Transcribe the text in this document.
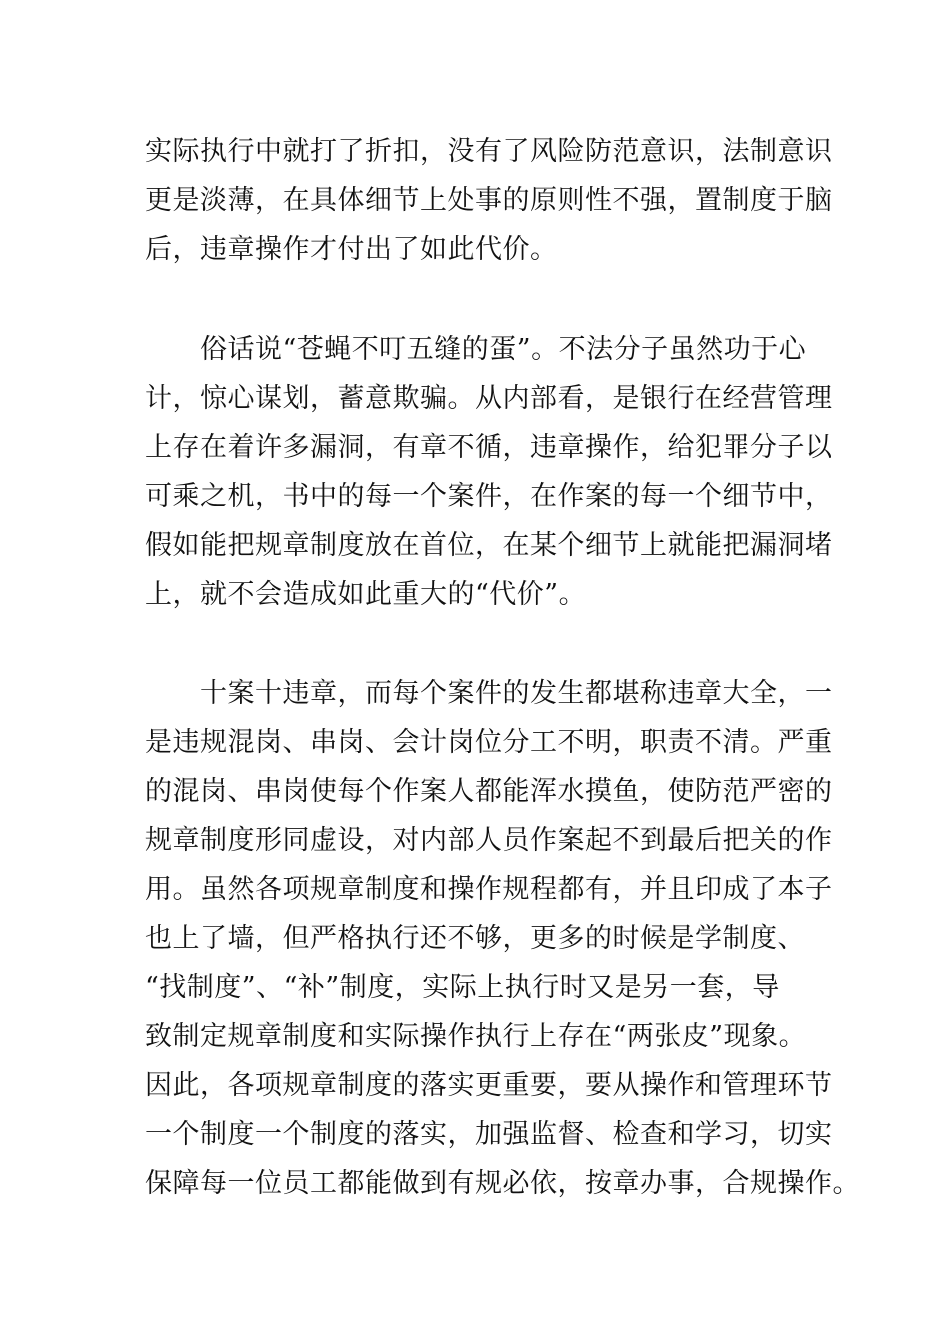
实际执行中就打了折扣，没有了风险防范意识，法制意识
更是淡薄，在具体细节上处事的原则性不强，置制度于脑
后，违章操作才付出了如此代价。
　　俗话说“苍蝇不叮五缝的蛋”。不法分子虽然功于心
计，惊心谋划，蓄意欺骗。从内部看，是银行在经营管理
上存在着许多漏洞，有章不循，违章操作，给犯罪分子以
可乘之机，书中的每一个案件，在作案的每一个细节中，
假如能把规章制度放在首位，在某个细节上就能把漏洞堵
上，就不会造成如此重大的“代价”。
　　十案十违章，而每个案件的发生都堪称违章大全，一
是违规混岗、串岗、会计岗位分工不明，职责不清。严重
的混岗、串岗使每个作案人都能浑水摸鱼，使防范严密的
规章制度形同虚设，对内部人员作案起不到最后把关的作
用。虽然各项规章制度和操作规程都有，并且印成了本子
也上了墙，但严格执行还不够，更多的时候是学制度、
“找制度”、“补”制度，实际上执行时又是另一套，导
致制定规章制度和实际操作执行上存在“两张皮”现象。
因此，各项规章制度的落实更重要，要从操作和管理环节
一个制度一个制度的落实，加强监督、检查和学习，切实
保障每一位员工都能做到有规必依，按章办事，合规操作。
